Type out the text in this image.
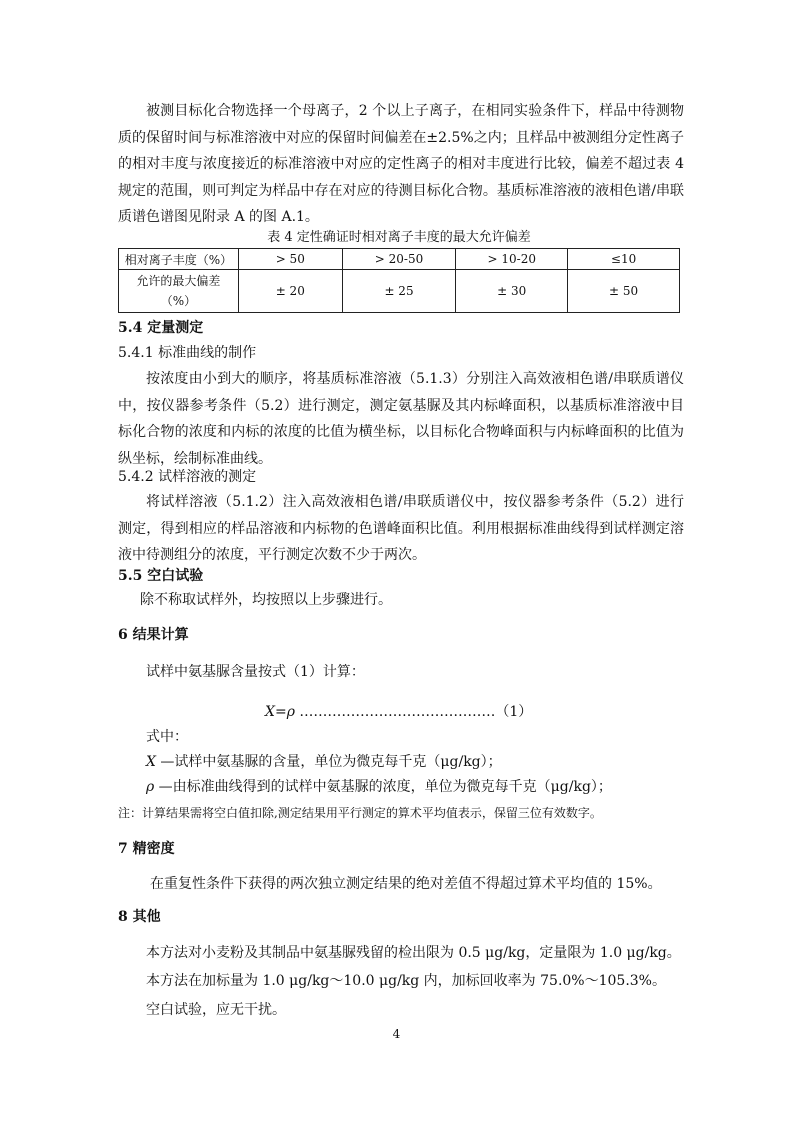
被测目标化合物选择一个母离子，2 个以上子离子，在相同实验条件下，样品中待测物质的保留时间与标准溶液中对应的保留时间偏差在±2.5%之内；且样品中被测组分定性离子的相对丰度与浓度接近的标准溶液中对应的定性离子的相对丰度进行比较，偏差不超过表 4 规定的范围，则可判定为样品中存在对应的待测目标化合物。基质标准溶液的液相色谱/串联质谱色谱图见附录 A 的图 A.1。

表 4 定性确证时相对离子丰度的最大允许偏差

相对离子丰度（%）	> 50	> 20-50	> 10-20	≤10

允许的最大偏差
（%）	± 20	± 25	± 30	± 50

5.4 定量测定

5.4.1 标准曲线的制作

按浓度由小到大的顺序，将基质标准溶液（5.1.3）分别注入高效液相色谱/串联质谱仪中，按仪器参考条件（5.2）进行测定，测定氨基脲及其内标峰面积，以基质标准溶液中目标化合物的浓度和内标的浓度的比值为横坐标，以目标化合物峰面积与内标峰面积的比值为纵坐标，绘制标准曲线。

5.4.2 试样溶液的测定

将试样溶液（5.1.2）注入高效液相色谱/串联质谱仪中，按仪器参考条件（5.2）进行测定，得到相应的样品溶液和内标物的色谱峰面积比值。利用根据标准曲线得到试样测定溶液中待测组分的浓度，平行测定次数不少于两次。

5.5 空白试验

除不称取试样外，均按照以上步骤进行。

6 结果计算

试样中氨基脲含量按式（1）计算：

X=ρ ……………………………………（1）

式中：

X —试样中氨基脲的含量，单位为微克每千克（μg/kg）；

ρ —由标准曲线得到的试样中氨基脲的浓度，单位为微克每千克（μg/kg）；

注：计算结果需将空白值扣除,测定结果用平行测定的算术平均值表示，保留三位有效数字。

7 精密度

在重复性条件下获得的两次独立测定结果的绝对差值不得超过算术平均值的 15%。

8 其他

本方法对小麦粉及其制品中氨基脲残留的检出限为 0.5 μg/kg，定量限为 1.0 μg/kg。

本方法在加标量为 1.0 μg/kg～10.0 μg/kg 内，加标回收率为 75.0%～105.3%。

空白试验，应无干扰。

4
